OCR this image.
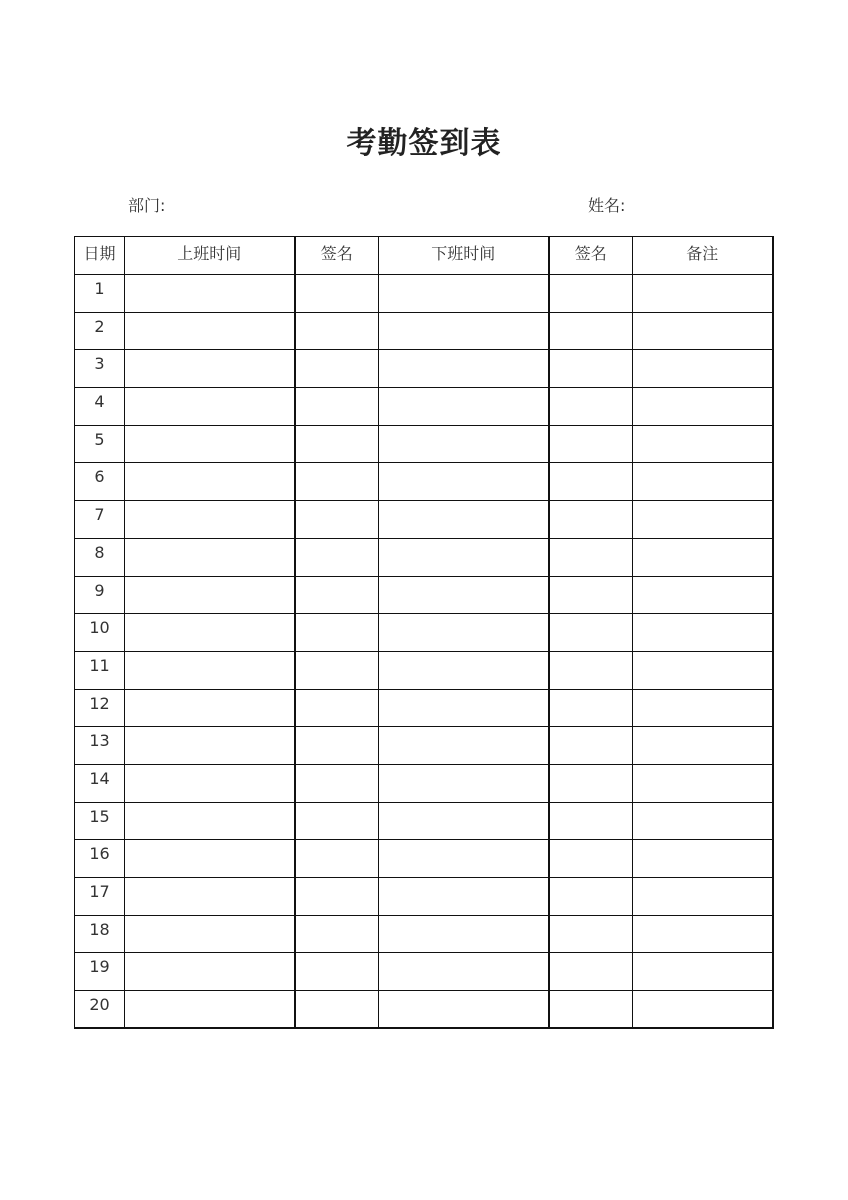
考勤签到表
部门:	姓名:
日期	上班时间	签名	下班时间	签名	备注
1					
2					
3					
4					
5					
6					
7					
8					
9					
10					
11					
12					
13					
14					
15					
16					
17					
18					
19					
20					
